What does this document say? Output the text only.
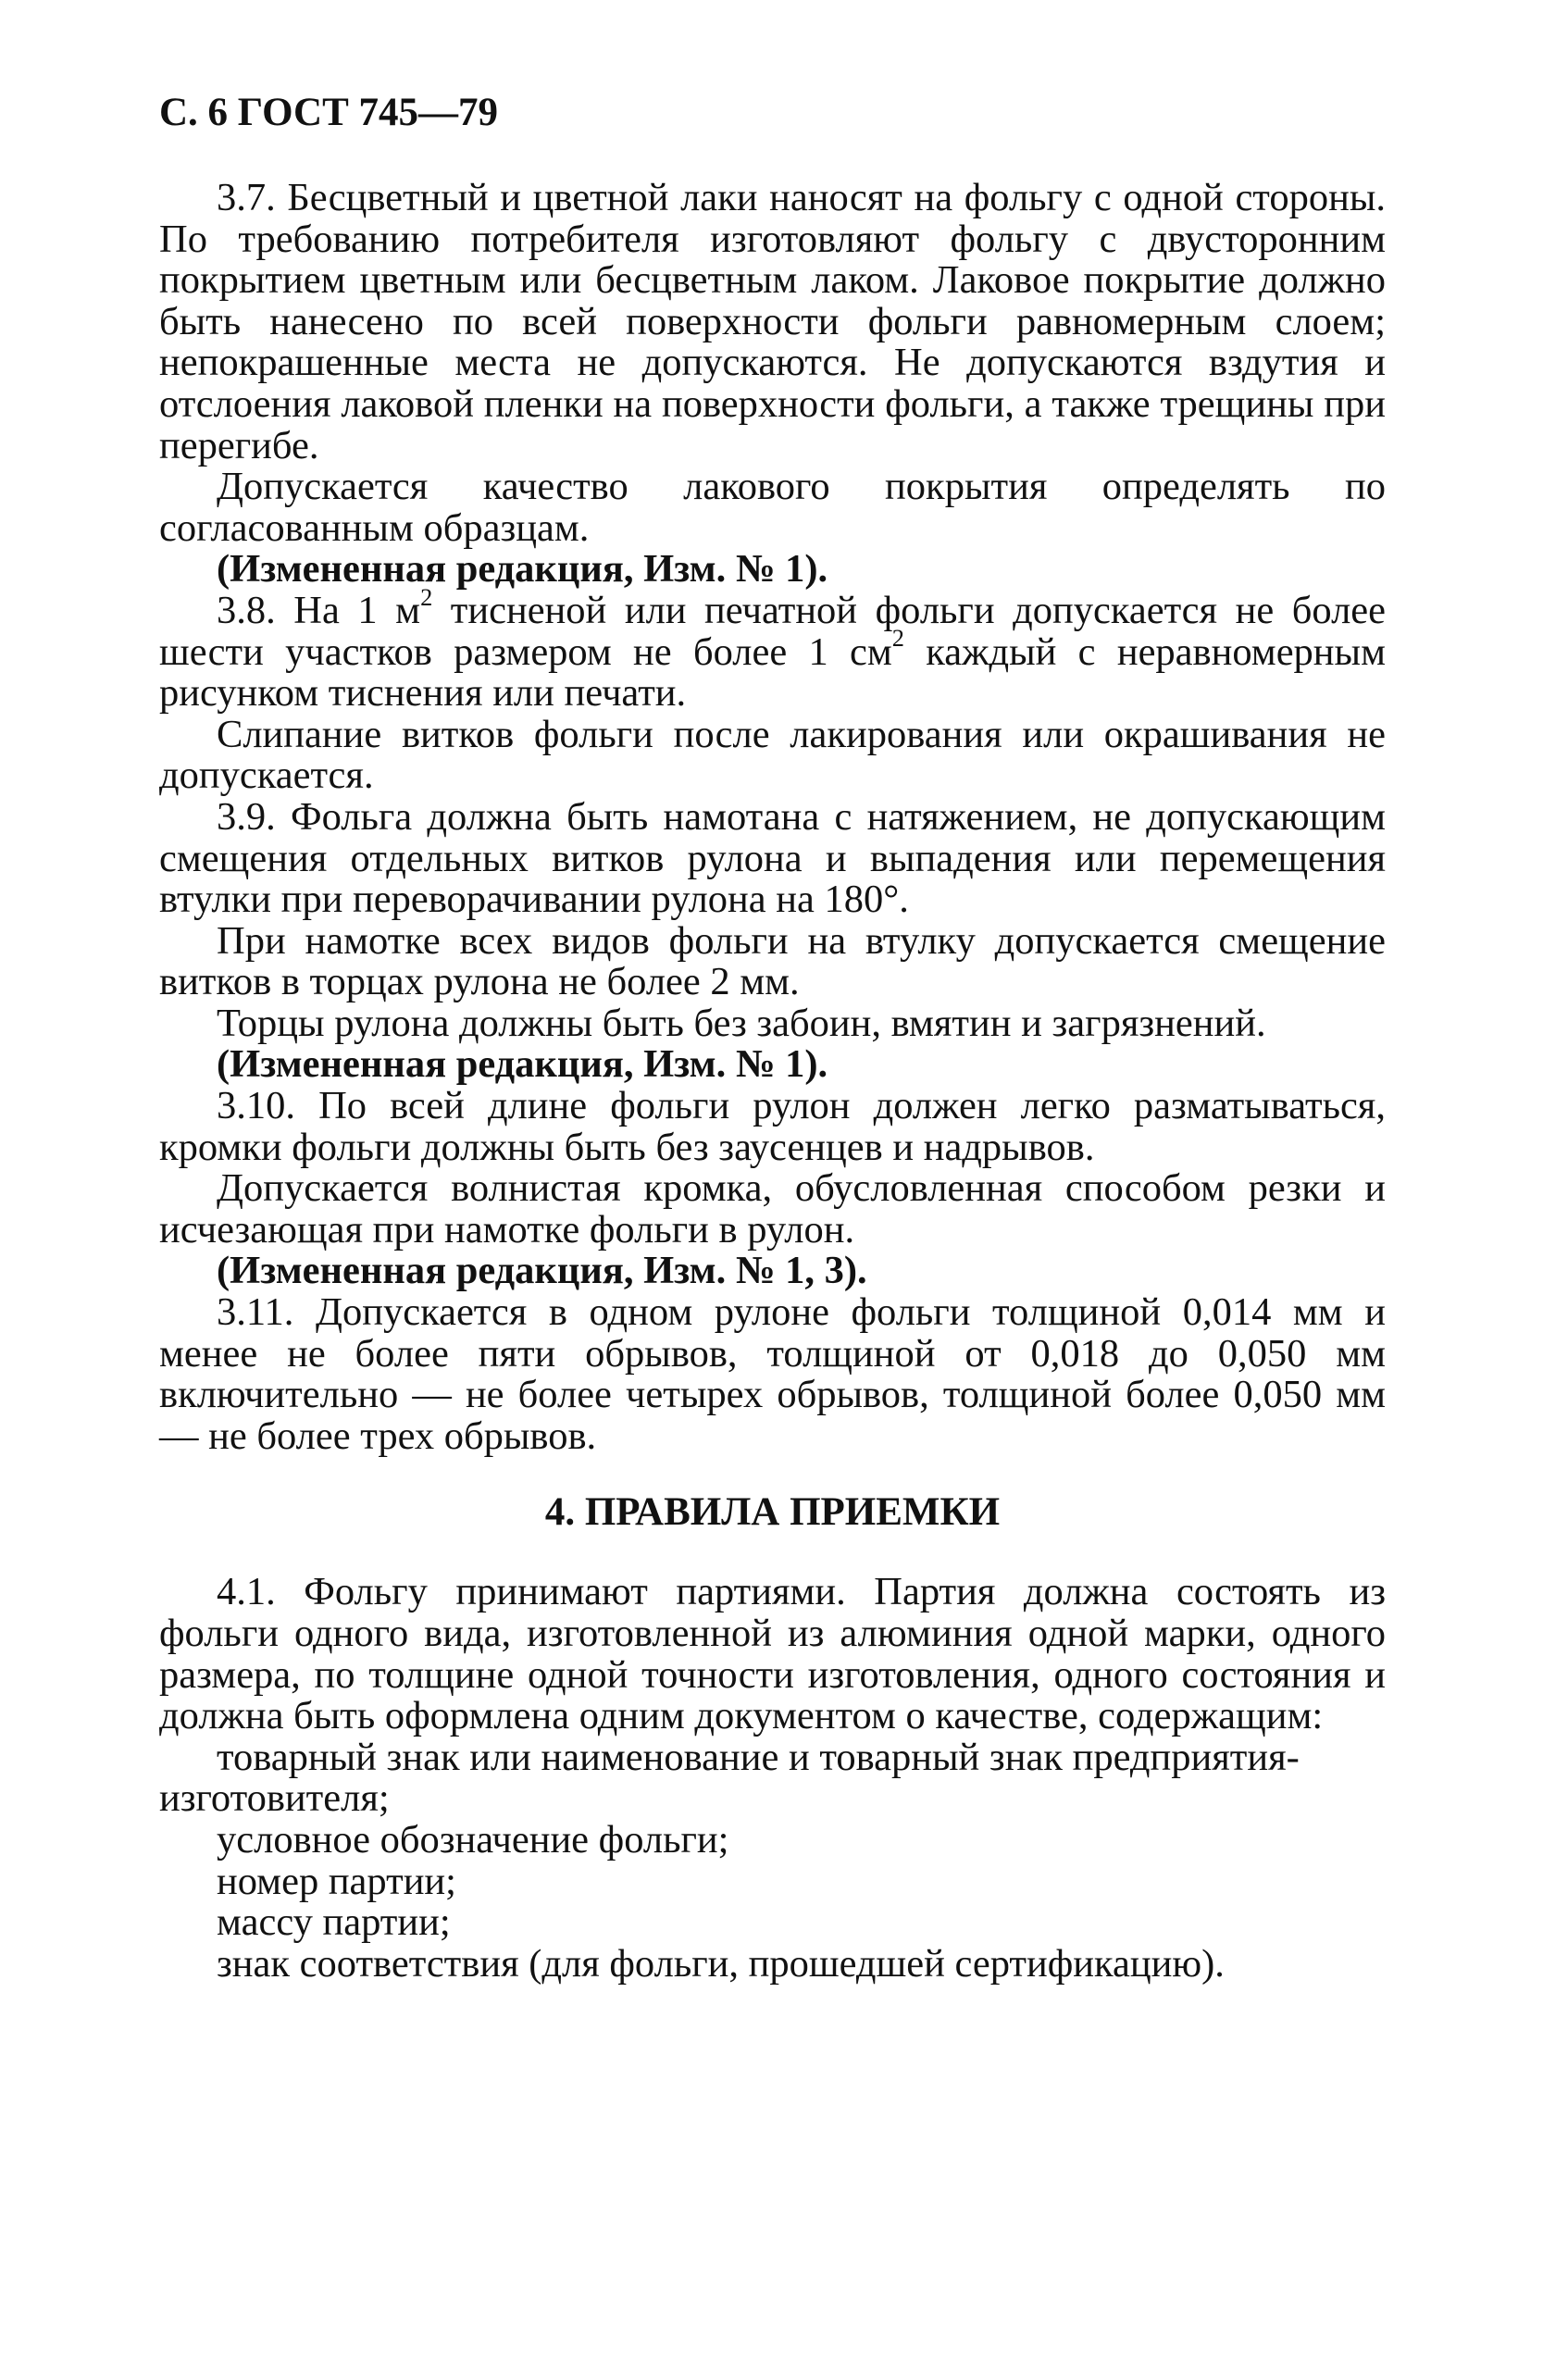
С. 6 ГОСТ 745—79

3.7. Бесцветный и цветной лаки наносят на фольгу с одной стороны. По требованию потребителя изготовляют фольгу с двусторонним покрытием цветным или бесцветным лаком. Лаковое покрытие должно быть нанесено по всей поверхности фольги равномерным слоем; непокрашенные места не допускаются. Не допускаются вздутия и отслоения лаковой пленки на поверхности фольги, а также трещины при перегибе.

Допускается качество лакового покрытия определять по согласованным образцам.

(Измененная редакция, Изм. № 1).

3.8. На 1 $м^2$ тисненой или печатной фольги допускается не более шести участков размером не более 1 $см^2$ каждый с неравномерным рисунком тиснения или печати.

Слипание витков фольги после лакирования или окрашивания не допускается.

3.9. Фольга должна быть намотана с натяжением, не допускающим смещения отдельных витков рулона и выпадения или перемещения втулки при переворачивании рулона на 180°.

При намотке всех видов фольги на втулку допускается смещение витков в торцах рулона не более 2 мм.

Торцы рулона должны быть без забоин, вмятин и загрязнений.

(Измененная редакция, Изм. № 1).

3.10. По всей длине фольги рулон должен легко разматываться, кромки фольги должны быть без заусенцев и надрывов.

Допускается волнистая кромка, обусловленная способом резки и исчезающая при намотке фольги в рулон.

(Измененная редакция, Изм. № 1, 3).

3.11. Допускается в одном рулоне фольги толщиной 0,014 мм и менее не более пяти обрывов, толщиной от 0,018 до 0,050 мм включительно — не более четырех обрывов, толщиной более 0,050 мм — не более трех обрывов.

4. ПРАВИЛА ПРИЕМКИ

4.1. Фольгу принимают партиями. Партия должна состоять из фольги одного вида, изготовленной из алюминия одной марки, одного размера, по толщине одной точности изготовления, одного состояния и должна быть оформлена одним документом о качестве, содержащим:

товарный знак или наименование и товарный знак предприятия-изготовителя;

условное обозначение фольги;

номер партии;

массу партии;

знак соответствия (для фольги, прошедшей сертификацию).
